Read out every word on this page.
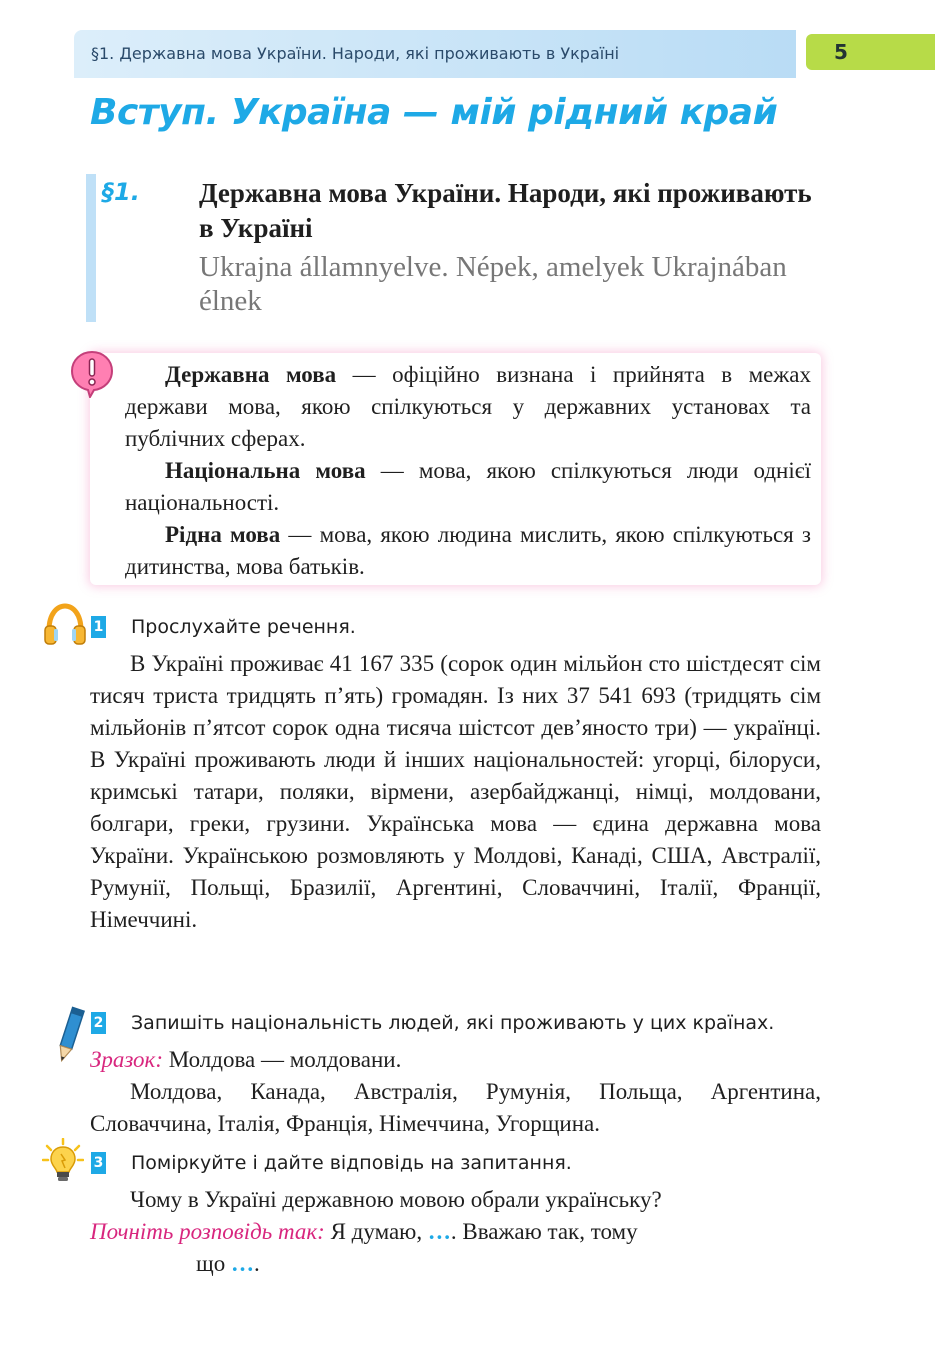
§1. Державна мова України. Народи, які проживають в Україні	5
Вступ. Україна — мій рідний край
§1. Державна мова України. Народи, які проживають в Україні

Ukrajna államnyelve. Népek, amelyek Ukrajnában élnek

Державна мова — офіційно визнана і прийнята в межах держави мова, якою спілкуються у державних установах та публічних сферах.

Національна мова — мова, якою спілкуються люди однієї національності.

Рідна мова — мова, якою людина мислить, якою спілкуються з дитинства, мова батьків.

1 Прослухайте речення.

В Україні проживає 41 167 335 (сорок один мільйон сто шістдесят сім тисяч триста тридцять п’ять) громадян. Із них 37 541 693 (тридцять сім мільйонів п’ятсот сорок одна тисяча шістсот дев’яносто три) — українці. В Україні проживають люди й інших національностей: угорці, білоруси, кримські татари, поляки, вірмени, азербайджанці, німці, молдовани, болгари, греки, грузини. Українська мова — єдина державна мова України. Українською розмовляють у Молдові, Канаді, США, Австралії, Румунії, Польщі, Бразилії, Аргентині, Словаччині, Італії, Франції, Німеччині.

2 Запишіть національність людей, які проживають у цих країнах.

Зразок: Молдова — молдовани.

Молдова, Канада, Австралія, Румунія, Польща, Аргентина, Словаччина, Італія, Франція, Німеччина, Угорщина.

3 Поміркуйте і дайте відповідь на запитання.

Чому в Україні державною мовою обрали українську?

Почніть розповідь так: Я думаю, …. Вважаю так, тому

що ….
